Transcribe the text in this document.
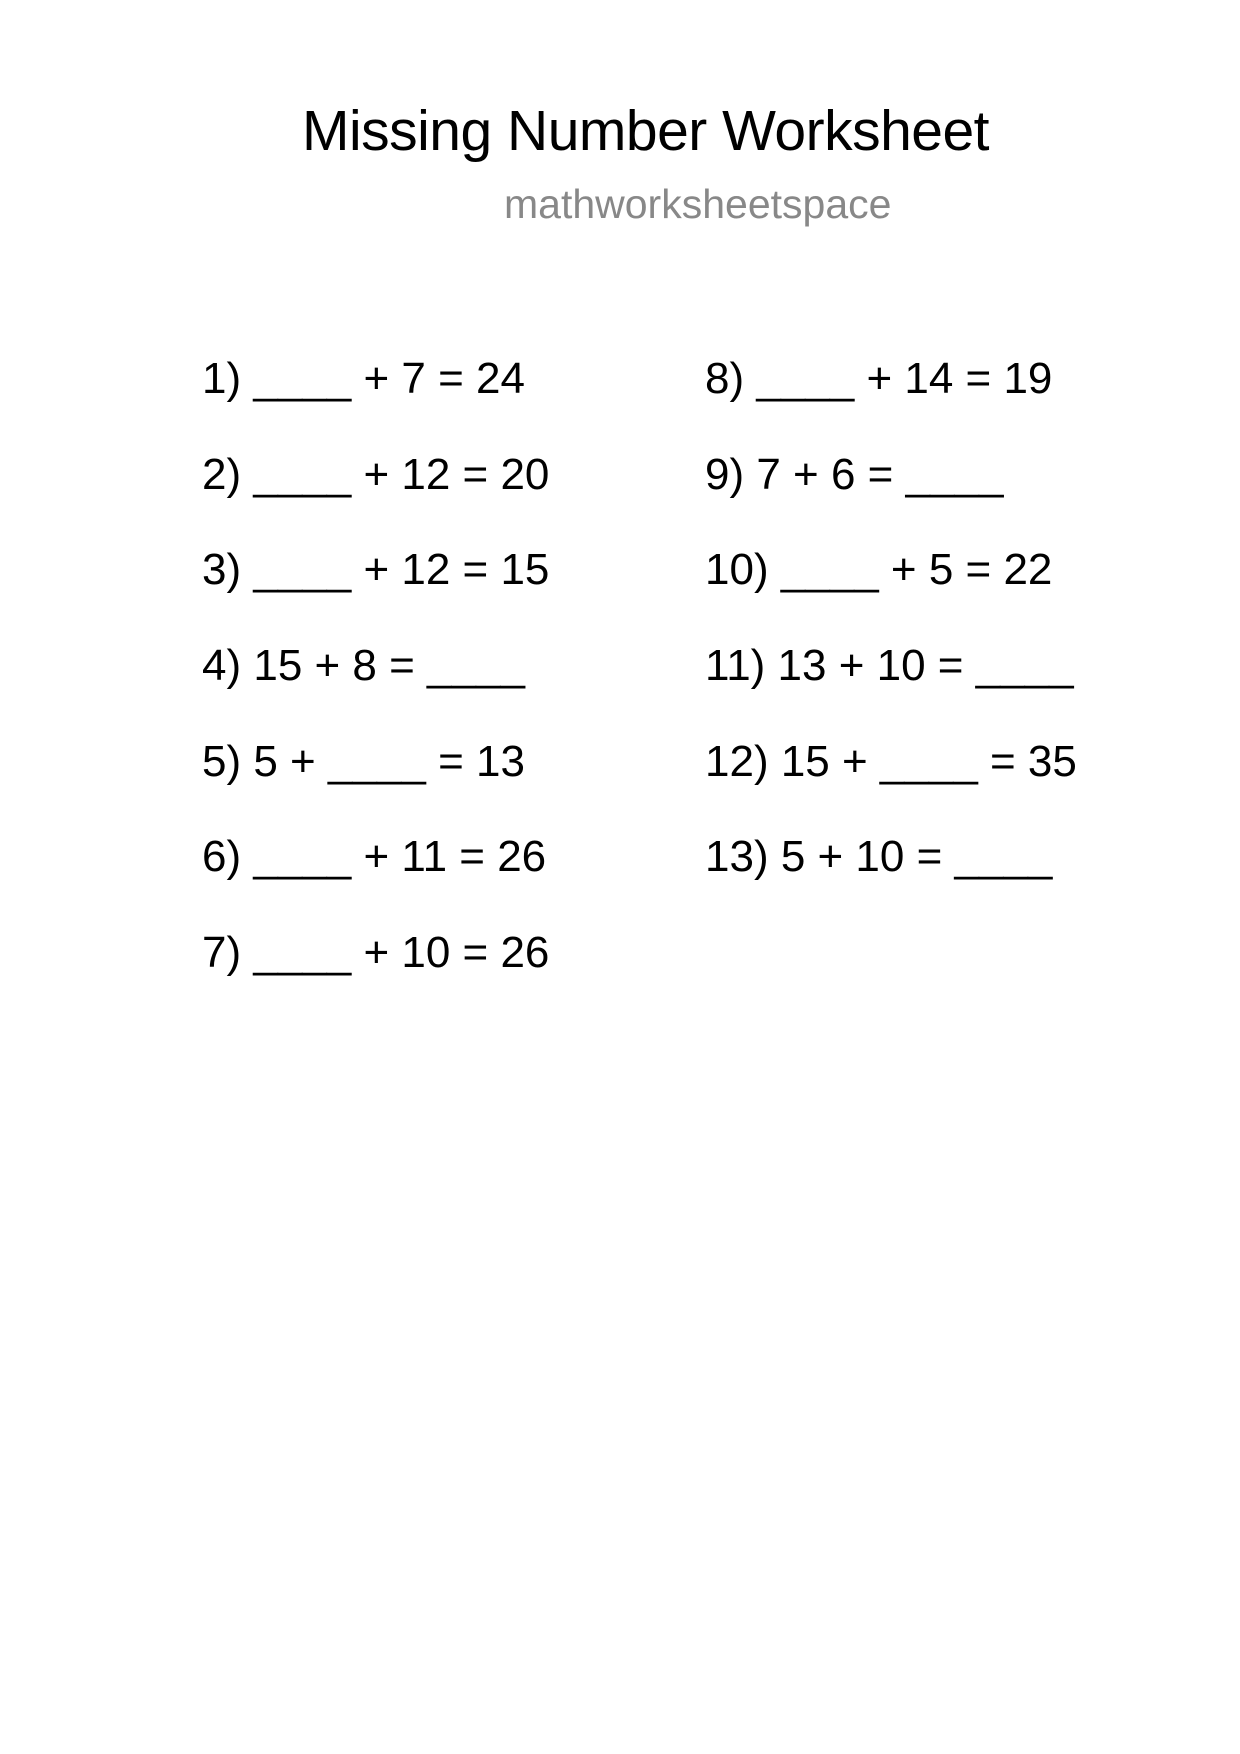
Missing Number Worksheet
mathworksheetspace
1) ____ + 7 = 24
2) ____ + 12 = 20
3) ____ + 12 = 15
4) 15 + 8 = ____
5) 5 + ____ = 13
6) ____ + 11 = 26
7) ____ + 10 = 26
8) ____ + 14 = 19
9) 7 + 6 = ____
10) ____ + 5 = 22
11) 13 + 10 = ____
12) 15 + ____ = 35
13) 5 + 10 = ____
